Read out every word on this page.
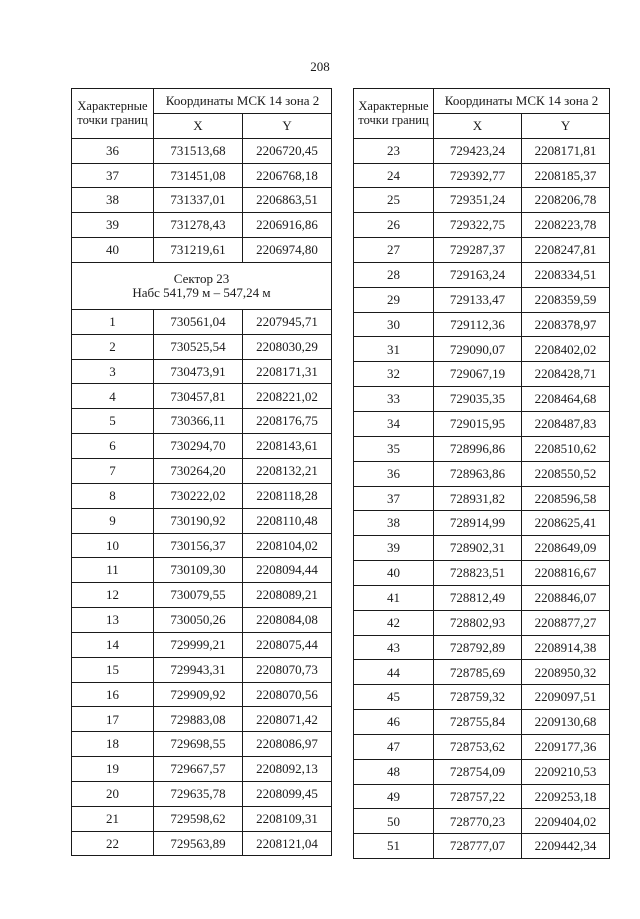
208
Характерные точки границ	Координаты МСК 14 зона 2	
	X	Y
36	731513,68	2206720,45
37	731451,08	2206768,18
38	731337,01	2206863,51
39	731278,43	2206916,86
40	731219,61	2206974,80

Сектор 23
Набс 541,79 м – 547,24 м		

1	730561,04	2207945,71
2	730525,54	2208030,29
3	730473,91	2208171,31
4	730457,81	2208221,02
5	730366,11	2208176,75
6	730294,70	2208143,61
7	730264,20	2208132,21
8	730222,02	2208118,28
9	730190,92	2208110,48
10	730156,37	2208104,02
11	730109,30	2208094,44
12	730079,55	2208089,21
13	730050,26	2208084,08
14	729999,21	2208075,44
15	729943,31	2208070,73
16	729909,92	2208070,56
17	729883,08	2208071,42
18	729698,55	2208086,97
19	729667,57	2208092,13
20	729635,78	2208099,45
21	729598,62	2208109,31
22	729563,89	2208121,04
Характерные точки границ	Координаты МСК 14 зона 2	
	X	Y
23	729423,24	2208171,81
24	729392,77	2208185,37
25	729351,24	2208206,78
26	729322,75	2208223,78
27	729287,37	2208247,81
28	729163,24	2208334,51
29	729133,47	2208359,59
30	729112,36	2208378,97
31	729090,07	2208402,02
32	729067,19	2208428,71
33	729035,35	2208464,68
34	729015,95	2208487,83
35	728996,86	2208510,62
36	728963,86	2208550,52
37	728931,82	2208596,58
38	728914,99	2208625,41
39	728902,31	2208649,09
40	728823,51	2208816,67
41	728812,49	2208846,07
42	728802,93	2208877,27
43	728792,89	2208914,38
44	728785,69	2208950,32
45	728759,32	2209097,51
46	728755,84	2209130,68
47	728753,62	2209177,36
48	728754,09	2209210,53
49	728757,22	2209253,18
50	728770,23	2209404,02
51	728777,07	2209442,34
